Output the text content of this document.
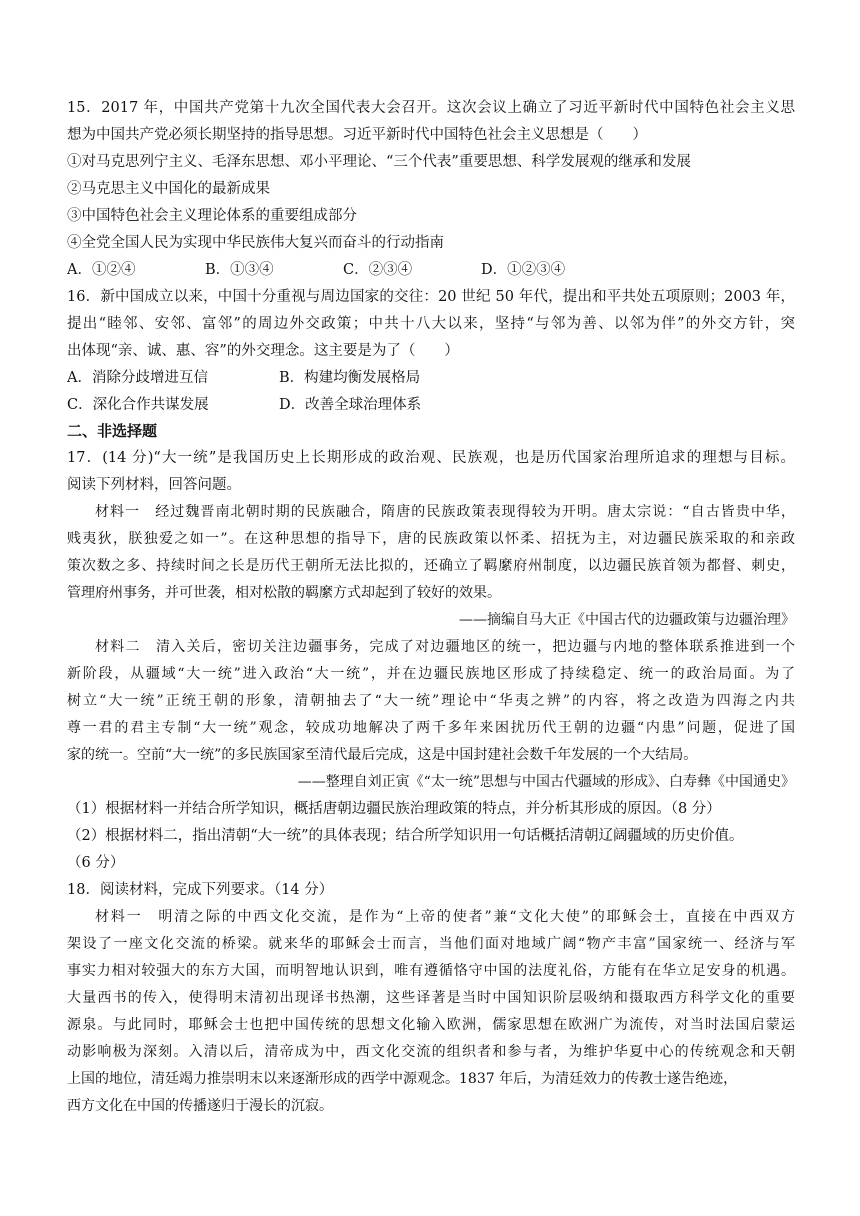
15．2017 年，中国共产党第十九次全国代表大会召开。这次会议上确立了习近平新时代中国特色社会主义思
想为中国共产党必须长期坚持的指导思想。习近平新时代中国特色社会主义思想是（　　）
①对马克思列宁主义、毛泽东思想、邓小平理论、“三个代表”重要思想、科学发展观的继承和发展
②马克思主义中国化的最新成果
③中国特色社会主义理论体系的重要组成部分
④全党全国人民为实现中华民族伟大复兴而奋斗的行动指南
A．①②④	B．①③④	C．②③④	D．①②③④
16．新中国成立以来，中国十分重视与周边国家的交往：20 世纪 50 年代，提出和平共处五项原则；2003 年，
提出“睦邻、安邻、富邻”的周边外交政策；中共十八大以来，坚持“与邻为善、以邻为伴”的外交方针，突
出体现“亲、诚、惠、容”的外交理念。这主要是为了（　　）
A．消除分歧增进互信	B．构建均衡发展格局
C．深化合作共谋发展	D．改善全球治理体系
二、非选择题
17．(14 分)“大一统”是我国历史上长期形成的政治观、民族观，也是历代国家治理所追求的理想与目标。
阅读下列材料，回答问题。
材料一　经过魏晋南北朝时期的民族融合，隋唐的民族政策表现得较为开明。唐太宗说：“自古皆贵中华，
贱夷狄，朕独爱之如一”。在这种思想的指导下，唐的民族政策以怀柔、招抚为主，对边疆民族采取的和亲政
策次数之多、持续时间之长是历代王朝所无法比拟的，还确立了羁縻府州制度，以边疆民族首领为都督、刺史，
管理府州事务，并可世袭，相对松散的羁縻方式却起到了较好的效果。
——摘编自马大正《中国古代的边疆政策与边疆治理》
材料二　清入关后，密切关注边疆事务，完成了对边疆地区的统一，把边疆与内地的整体联系推进到一个
新阶段，从疆域“大一统”进入政治“大一统”，并在边疆民族地区形成了持续稳定、统一的政治局面。为了
树立“大一统”正统王朝的形象，清朝抽去了“大一统”理论中“华夷之辨”的内容，将之改造为四海之内共
尊一君的君主专制“大一统”观念，较成功地解决了两千多年来困扰历代王朝的边疆“内患”问题，促进了国
家的统一。空前“大一统”的多民族国家至清代最后完成，这是中国封建社会数千年发展的一个大结局。
——整理自刘正寅《“太一统”思想与中国古代疆域的形成》、白寿彝《中国通史》
（1）根据材料一并结合所学知识，概括唐朝边疆民族治理政策的特点，并分析其形成的原因。（8 分）
（2）根据材料二，指出清朝“大一统”的具体表现；结合所学知识用一句话概括清朝辽阔疆域的历史价值。
（6 分）
18．阅读材料，完成下列要求。（14 分）
材料一　明清之际的中西文化交流，是作为“上帝的使者”兼“文化大使”的耶稣会士，直接在中西双方
架设了一座文化交流的桥梁。就来华的耶稣会士而言，当他们面对地域广阔“物产丰富”国家统一、经济与军
事实力相对较强大的东方大国，而明智地认识到，唯有遵循恪守中国的法度礼俗，方能有在华立足安身的机遇。
大量西书的传入，使得明末清初出现译书热潮，这些译著是当时中国知识阶层吸纳和摄取西方科学文化的重要
源泉。与此同时，耶稣会士也把中国传统的思想文化输入欧洲，儒家思想在欧洲广为流传，对当时法国启蒙运
动影响极为深刻。入清以后，清帝成为中，西文化交流的组织者和参与者，为维护华夏中心的传统观念和天朝
上国的地位，清廷竭力推崇明末以来逐渐形成的西学中源观念。1837 年后，为清廷效力的传教士遂告绝迹，
西方文化在中国的传播遂归于漫长的沉寂。
